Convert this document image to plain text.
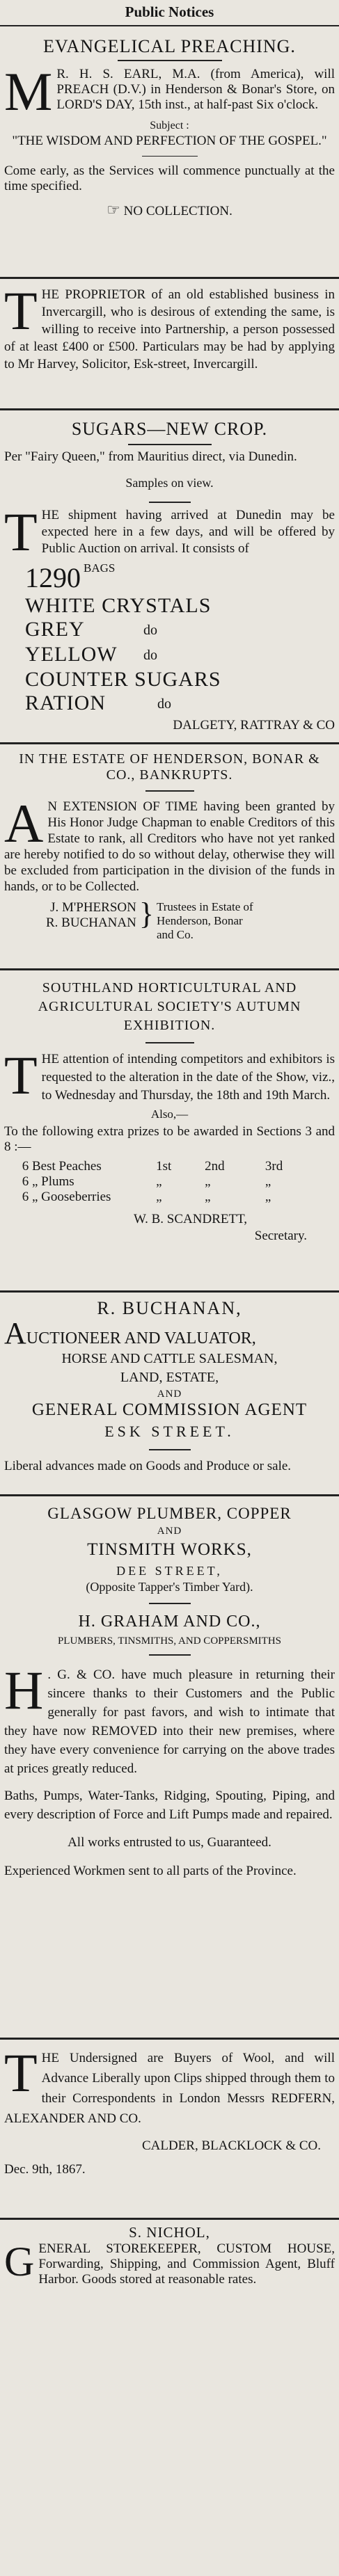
Public Notices

EVANGELICAL PREACHING.

M R. H. S. EARL, M.A. (from America), will PREACH (D.V.) in Henderson & Bonar's Store, on LORD'S DAY, 15th inst., at half-past Six o'clock.

Subject :

"THE WISDOM AND PERFECTION OF THE GOSPEL."

Come early, as the Services will commence punctually at the time specified.

☞ NO COLLECTION.

T HE PROPRIETOR of an old established business in Invercargill, who is desirous of extending the same, is willing to receive into Partnership, a person possessed of at least £400 or £500. Particulars may be had by applying to Mr Harvey, Solicitor, Esk-street, Invercargill.

SUGARS—NEW CROP.

Per "Fairy Queen," from Mauritius direct, via Dunedin.

Samples on view.

T HE shipment having arrived at Dunedin may be expected here in a few days, and will be offered by Public Auction on arrival. It consists of

1290 BAGS
WHITE CRYSTALS
GREY	do
YELLOW	do
COUNTER SUGARS
RATION	do

DALGETY, RATTRAY & CO

IN THE ESTATE OF HENDERSON, BONAR & CO., BANKRUPTS.

A N EXTENSION OF TIME having been granted by His Honor Judge Chapman to enable Creditors of this Estate to rank, all Creditors who have not yet ranked are hereby notified to do so without delay, otherwise they will be excluded from participation in the division of the funds in hands, or to be Collected.

J. M'PHERSON
R. BUCHANAN } Trustees in Estate of Henderson, Bonar and Co.

SOUTHLAND HORTICULTURAL AND AGRICULTURAL SOCIETY'S AUTUMN EXHIBITION.

T HE attention of intending competitors and exhibitors is requested to the alteration in the date of the Show, viz., to Wednesday and Thursday, the 18th and 19th March.

Also,—

To the following extra prizes to be awarded in Sections 3 and 8 :—

6 Best Peaches	1st	2nd	3rd
6 „ Plums	„	„	„
6 „ Gooseberries	„	„	„

W. B. SCANDRETT,

Secretary.

R. BUCHANAN,

AUCTIONEER AND VALUATOR,

HORSE AND CATTLE SALESMAN,

LAND, ESTATE,

AND

GENERAL COMMISSION AGENT

ESK STREET.

Liberal advances made on Goods and Produce or sale.

GLASGOW PLUMBER, COPPER

AND

TINSMITH WORKS,

DEE STREET,

(Opposite Tapper's Timber Yard).

H. GRAHAM AND CO.,

PLUMBERS, TINSMITHS, AND COPPERSMITHS

H . G. & CO. have much pleasure in returning their sincere thanks to their Customers and the Public generally for past favors, and wish to intimate that they have now REMOVED into their new premises, where they have every convenience for carrying on the above trades at prices greatly reduced.

Baths, Pumps, Water-Tanks, Ridging, Spouting, Piping, and every description of Force and Lift Pumps made and repaired.

All works entrusted to us, Guaranteed.

Experienced Workmen sent to all parts of the Province.

T HE Undersigned are Buyers of Wool, and will Advance Liberally upon Clips shipped through them to their Correspondents in London Messrs REDFERN, ALEXANDER AND CO.

CALDER, BLACKLOCK & CO.

Dec. 9th, 1867.

S. NICHOL,

G ENERAL STOREKEEPER, CUSTOM HOUSE, Forwarding, Shipping, and Commission Agent, Bluff Harbor. Goods stored at reasonable rates.
